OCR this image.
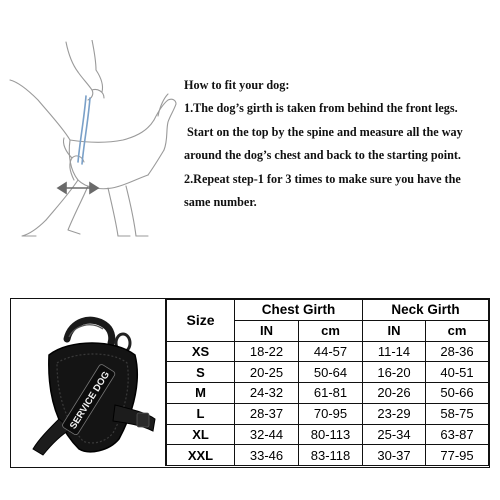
How to fit your dog:

1.The dog’s girth is taken from behind the front legs.

Start on the top by the spine and measure all the way

around the dog’s chest and back to the starting point.

2.Repeat step-1 for 3 times to make sure you have the

same number.

SERVICE DOG
Size	Chest Girth		Neck Girth	
	IN	cm	IN	cm
XS	18-22	44-57	11-14	28-36
S	20-25	50-64	16-20	40-51
M	24-32	61-81	20-26	50-66
L	28-37	70-95	23-29	58-75
XL	32-44	80-113	25-34	63-87
XXL	33-46	83-118	30-37	77-95
